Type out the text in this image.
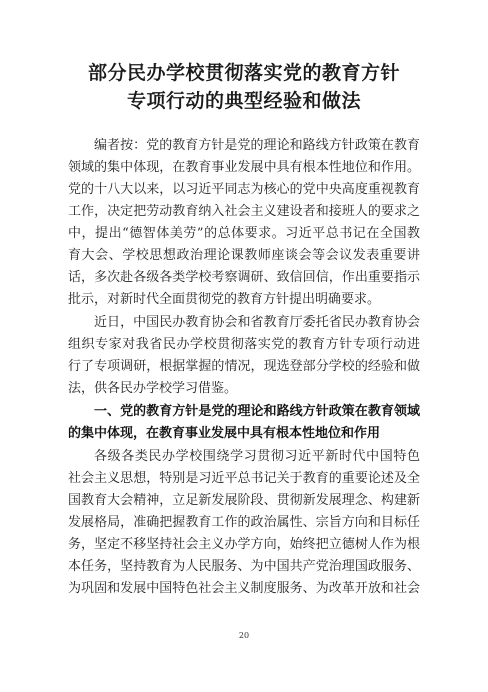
部分民办学校贯彻落实党的教育方针
专项行动的典型经验和做法
编者按：党的教育方针是党的理论和路线方针政策在教育
领域的集中体现，在教育事业发展中具有根本性地位和作用。
党的十八大以来，以习近平同志为核心的党中央高度重视教育
工作，决定把劳动教育纳入社会主义建设者和接班人的要求之
中，提出“德智体美劳”的总体要求。习近平总书记在全国教
育大会、学校思想政治理论课教师座谈会等会议发表重要讲
话，多次赴各级各类学校考察调研、致信回信，作出重要指示
批示，对新时代全面贯彻党的教育方针提出明确要求。
近日，中国民办教育协会和省教育厅委托省民办教育协会
组织专家对我省民办学校贯彻落实党的教育方针专项行动进
行了专项调研，根据掌握的情况，现选登部分学校的经验和做
法，供各民办学校学习借鉴。
一、党的教育方针是党的理论和路线方针政策在教育领域
的集中体现，在教育事业发展中具有根本性地位和作用
各级各类民办学校围绕学习贯彻习近平新时代中国特色
社会主义思想，特别是习近平总书记关于教育的重要论述及全
国教育大会精神，立足新发展阶段、贯彻新发展理念、构建新
发展格局，准确把握教育工作的政治属性、宗旨方向和目标任
务，坚定不移坚持社会主义办学方向，始终把立德树人作为根
本任务，坚持教育为人民服务、为中国共产党治理国政服务、
为巩固和发展中国特色社会主义制度服务、为改革开放和社会
20
